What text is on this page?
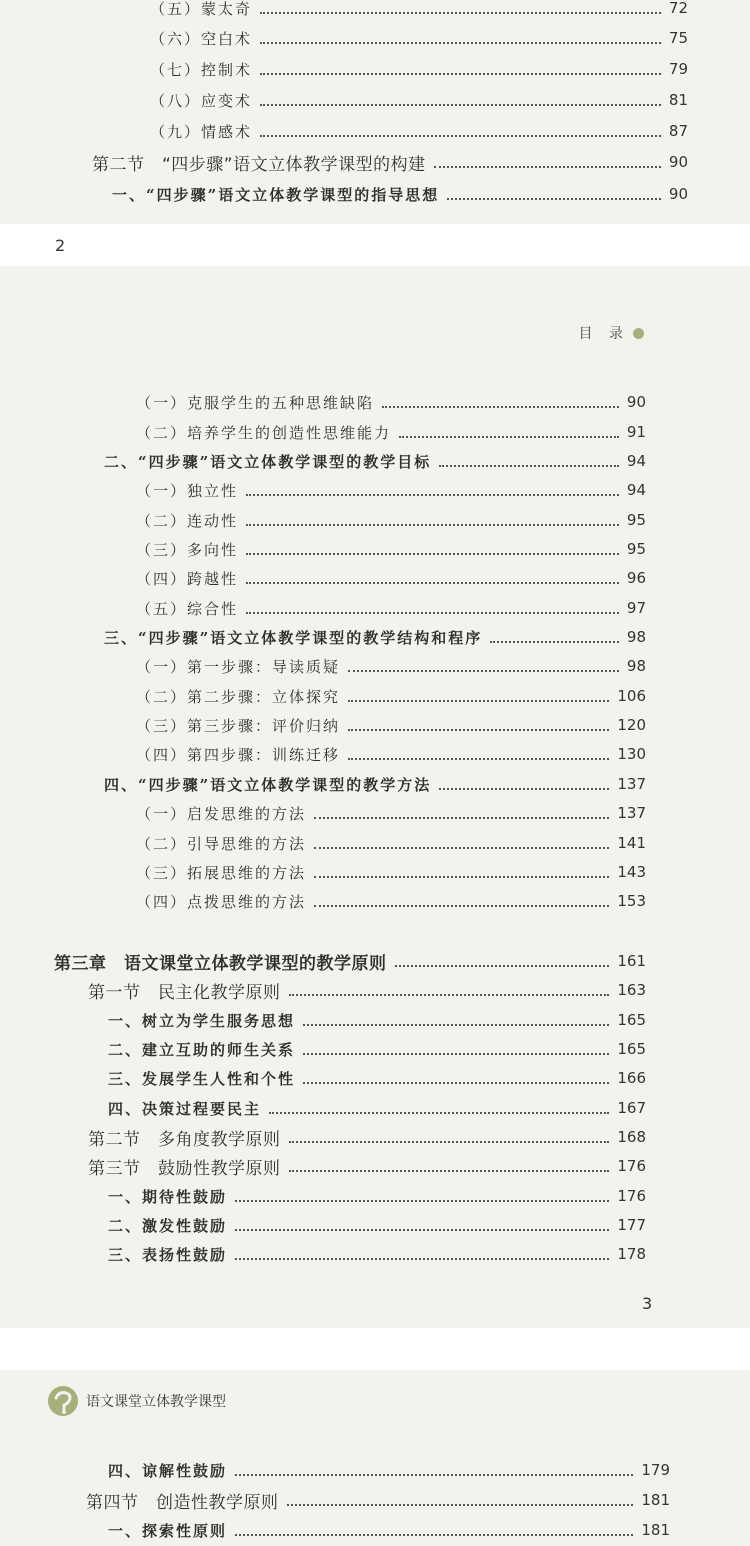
（五）蒙太奇	72
（六）空白术	75
（七）控制术	79
（八）应变术	81
（九）情感术	87
第二节　“四步骤”语文立体教学课型的构建	90
一、“四步骤”语文立体教学课型的指导思想	90
2
目 录
（一）克服学生的五种思维缺陷	90
（二）培养学生的创造性思维能力	91
二、“四步骤”语文立体教学课型的教学目标	94
（一）独立性	94
（二）连动性	95
（三）多向性	95
（四）跨越性	96
（五）综合性	97
三、“四步骤”语文立体教学课型的教学结构和程序	98
（一）第一步骤：导读质疑	98
（二）第二步骤：立体探究	106
（三）第三步骤：评价归纳	120
（四）第四步骤：训练迁移	130
四、“四步骤”语文立体教学课型的教学方法	137
（一）启发思维的方法	137
（二）引导思维的方法	141
（三）拓展思维的方法	143
（四）点拨思维的方法	153
第三章　语文课堂立体教学课型的教学原则	161
第一节　民主化教学原则	163
一、树立为学生服务思想	165
二、建立互助的师生关系	165
三、发展学生人性和个性	166
四、决策过程要民主	167
第二节　多角度教学原则	168
第三节　鼓励性教学原则	176
一、期待性鼓励	176
二、激发性鼓励	177
三、表扬性鼓励	178
3
语文课堂立体教学课型
四、谅解性鼓励	179
第四节　创造性教学原则	181
一、探索性原则	181
